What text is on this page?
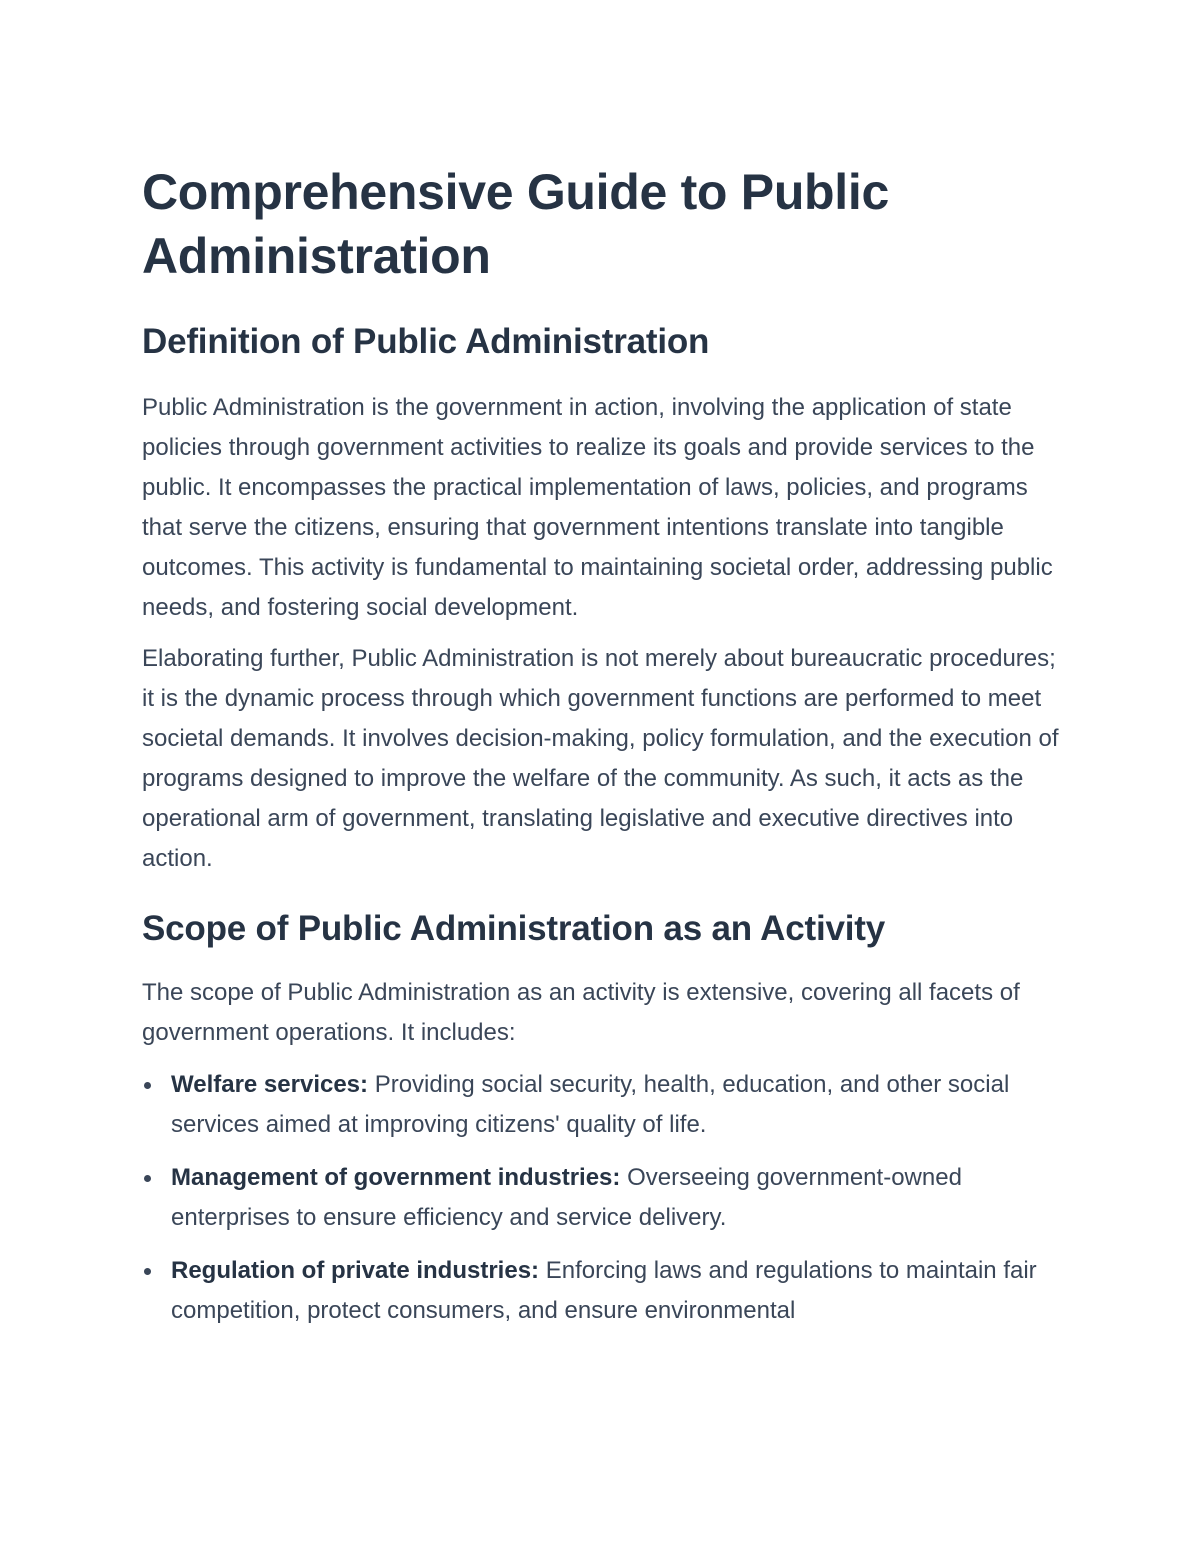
Comprehensive Guide to Public Administration
Definition of Public Administration

Public Administration is the government in action, involving the application of state policies through government activities to realize its goals and provide services to the public. It encompasses the practical implementation of laws, policies, and programs that serve the citizens, ensuring that government intentions translate into tangible outcomes. This activity is fundamental to maintaining societal order, addressing public needs, and fostering social development.

Elaborating further, Public Administration is not merely about bureaucratic procedures; it is the dynamic process through which government functions are performed to meet societal demands. It involves decision-making, policy formulation, and the execution of programs designed to improve the welfare of the community. As such, it acts as the operational arm of government, translating legislative and executive directives into action.

Scope of Public Administration as an Activity

The scope of Public Administration as an activity is extensive, covering all facets of government operations. It includes:

Welfare services: Providing social security, health, education, and other social services aimed at improving citizens' quality of life.
Management of government industries: Overseeing government-owned enterprises to ensure efficiency and service delivery.
Regulation of private industries: Enforcing laws and regulations to maintain fair competition, protect consumers, and ensure environmental
